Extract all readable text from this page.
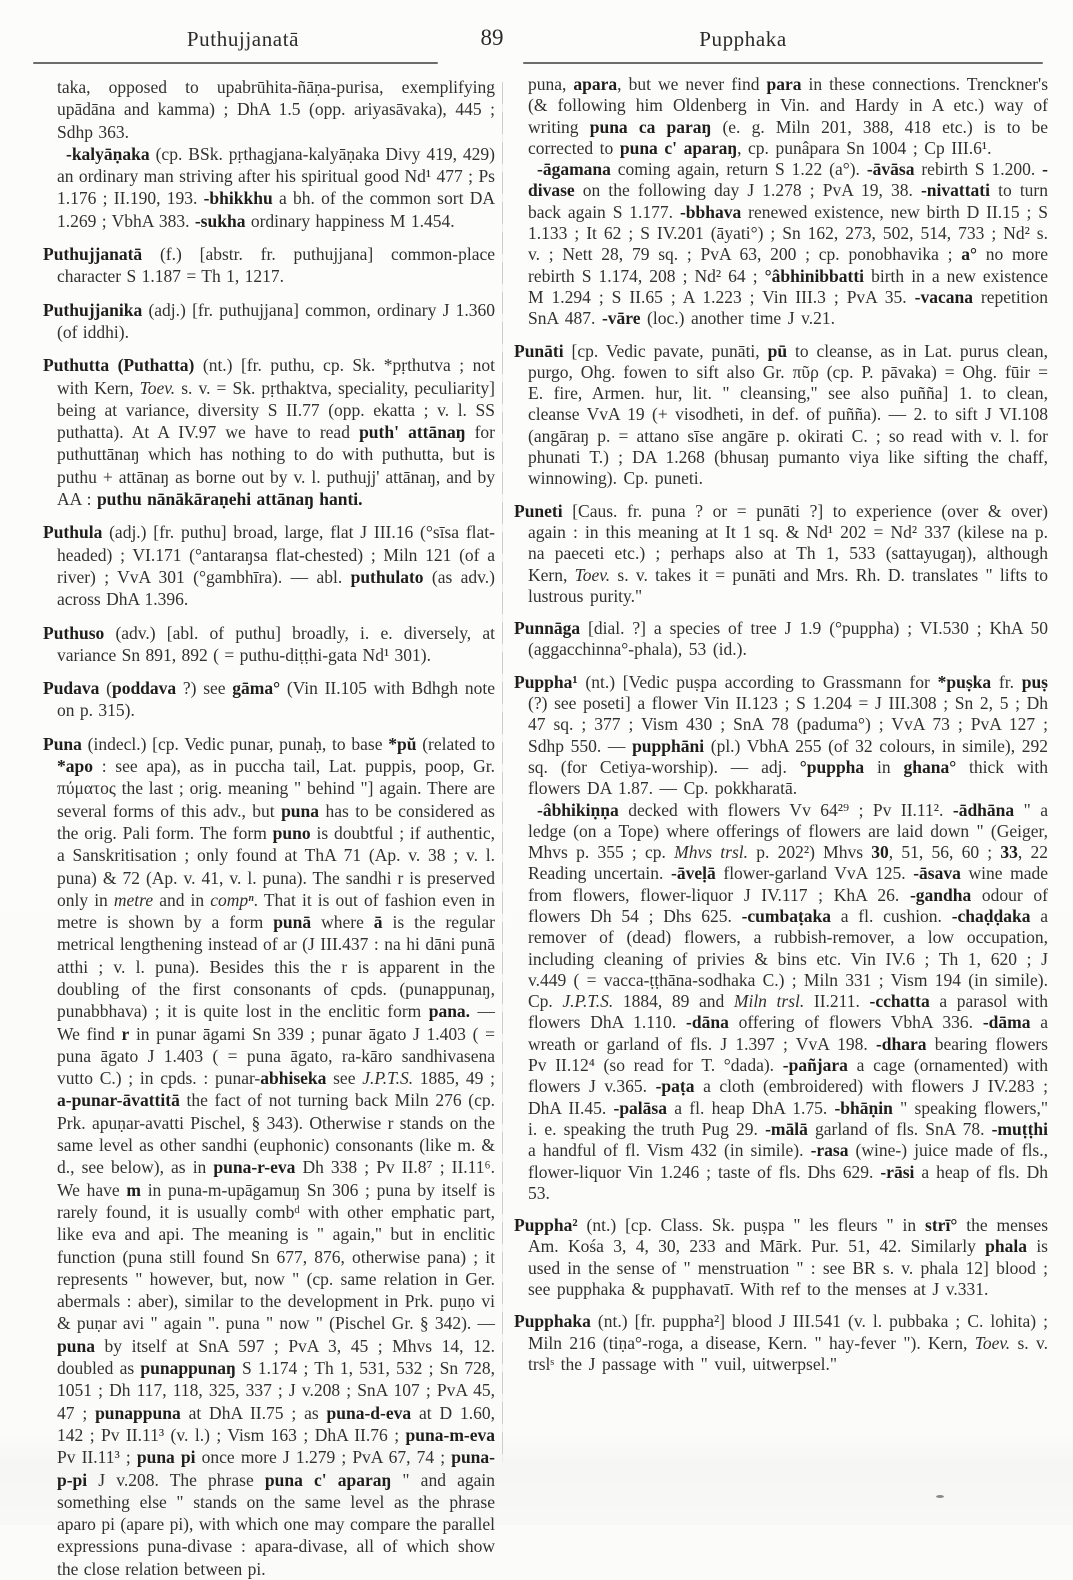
Puthujjanatā	89	Pupphaka

taka, opposed to upabrūhita-ñāṇa-purisa, exemplifying upādāna and kamma) ; DhA 1.5 (opp. ariyasāvaka), 445 ; Sdhp 363.

-kalyāṇaka (cp. BSk. pṛthagjana-kalyāṇaka Divy 419, 429) an ordinary man striving after his spiritual good Nd¹ 477 ; Ps 1.176 ; II.190, 193. -bhikkhu a bh. of the common sort DA 1.269 ; VbhA 383. -sukha ordinary happiness M 1.454.

Puthujjanatā (f.) [abstr. fr. puthujjana] common-place character S 1.187 = Th 1, 1217.

Puthujjanika (adj.) [fr. puthujjana] common, ordinary J 1.360 (of iddhi).

Puthutta (Puthatta) (nt.) [fr. puthu, cp. Sk. *pṛthutva ; not with Kern, Toev. s. v. = Sk. pṛthaktva, speciality, peculiarity] being at variance, diversity S II.77 (opp. ekatta ; v. l. SS puthatta). At A IV.97 we have to read puth' attānaŋ for puthuttānaŋ which has nothing to do with puthutta, but is puthu + attānaŋ as borne out by v. l. puthujj' attānaŋ, and by AA : puthu nānākāraṇehi attānaŋ hanti.

Puthula (adj.) [fr. puthu] broad, large, flat J III.16 (°sīsa flat-headed) ; VI.171 (°antaraŋsa flat-chested) ; Miln 121 (of a river) ; VvA 301 (°gambhīra). — abl. puthulato (as adv.) across DhA 1.396.

Puthuso (adv.) [abl. of puthu] broadly, i. e. diversely, at variance Sn 891, 892 ( = puthu-diṭṭhi-gata Nd¹ 301).

Pudava (poddava ?) see gāma° (Vin II.105 with Bdhgh note on p. 315).

Puna (indecl.) [cp. Vedic punar, punaḥ, to base *pŭ (related to *apo : see apa), as in puccha tail, Lat. puppis, poop, Gr. πύματος the last ; orig. meaning " behind "] again. There are several forms of this adv., but puna has to be considered as the orig. Pali form. The form puno is doubtful ; if authentic, a Sanskritisation ; only found at ThA 71 (Ap. v. 38 ; v. l. puna) & 72 (Ap. v. 41, v. l. puna). The sandhi r is preserved only in metre and in compⁿ. That it is out of fashion even in metre is shown by a form punā where ā is the regular metrical lengthening instead of ar (J III.437 : na hi dāni punā atthi ; v. l. puna). Besides this the r is apparent in the doubling of the first consonants of cpds. (punappunaŋ, punabbhava) ; it is quite lost in the enclitic form pana. — We find r in punar āgami Sn 339 ; punar āgato J 1.403 ( = puna āgato J 1.403 ( = puna āgato, ra-kāro sandhivasena vutto C.) ; in cpds. : punar-abhiseka see J.P.T.S. 1885, 49 ; a-punar-āvattitā the fact of not turning back Miln 276 (cp. Prk. apuṇar-avatti Pischel, § 343). Otherwise r stands on the same level as other sandhi (euphonic) consonants (like m. & d., see below), as in puna-r-eva Dh 338 ; Pv II.8⁷ ; II.11⁶. We have m in puna-m-upāgamuŋ Sn 306 ; puna by itself is rarely found, it is usually combᵈ with other emphatic part, like eva and api. The meaning is " again," but in enclitic function (puna still found Sn 677, 876, otherwise pana) ; it represents " however, but, now " (cp. same relation in Ger. abermals : aber), similar to the development in Prk. puṇo vi & puṇar avi " again ". puna " now " (Pischel Gr. § 342). — puna by itself at SnA 597 ; PvA 3, 45 ; Mhvs 14, 12. doubled as punappunaŋ S 1.174 ; Th 1, 531, 532 ; Sn 728, 1051 ; Dh 117, 118, 325, 337 ; J v.208 ; SnA 107 ; PvA 45, 47 ; punappuna at DhA II.75 ; as puna-d-eva at D 1.60, 142 ; Pv II.11³ (v. l.) ; Vism 163 ; DhA II.76 ; puna-m-eva Pv II.11³ ; puna pi once more J 1.279 ; PvA 67, 74 ; puna-p-pi J v.208. The phrase puna c' aparaŋ " and again something else " stands on the same level as the phrase aparo pi (apare pi), with which one may compare the parallel expressions puna-divase : apara-divase, all of which show the close relation between pi.

puna, apara, but we never find para in these connections. Trenckner's (& following him Oldenberg in Vin. and Hardy in A etc.) way of writing puna ca paraŋ (e. g. Miln 201, 388, 418 etc.) is to be corrected to puna c' aparaŋ, cp. punâpara Sn 1004 ; Cp III.6¹.

-āgamana coming again, return S 1.22 (a°). -āvāsa rebirth S 1.200. -divase on the following day J 1.278 ; PvA 19, 38. -nivattati to turn back again S 1.177. -bbhava renewed existence, new birth D II.15 ; S 1.133 ; It 62 ; S IV.201 (āyati°) ; Sn 162, 273, 502, 514, 733 ; Nd² s. v. ; Nett 28, 79 sq. ; PvA 63, 200 ; cp. ponobhavika ; a° no more rebirth S 1.174, 208 ; Nd² 64 ; °âbhinibbatti birth in a new existence M 1.294 ; S II.65 ; A 1.223 ; Vin III.3 ; PvA 35. -vacana repetition SnA 487. -vāre (loc.) another time J v.21.

Punāti [cp. Vedic pavate, punāti, pū to cleanse, as in Lat. purus clean, purgo, Ohg. fowen to sift also Gr. πῦρ (cp. P. pāvaka) = Ohg. fūir = E. fire, Armen. hur, lit. " cleansing," see also puñña] 1. to clean, cleanse VvA 19 (+ visodheti, in def. of puñña). — 2. to sift J VI.108 (angāraŋ p. = attano sīse angāre p. okirati C. ; so read with v. l. for phunati T.) ; DA 1.268 (bhusaŋ pumanto viya like sifting the chaff, winnowing). Cp. puneti.

Puneti [Caus. fr. puna ? or = punāti ?] to experience (over & over) again : in this meaning at It 1 sq. & Nd¹ 202 = Nd² 337 (kilese na p. na paeceti etc.) ; perhaps also at Th 1, 533 (sattayugaŋ), although Kern, Toev. s. v. takes it = punāti and Mrs. Rh. D. translates " lifts to lustrous purity."

Punnāga [dial. ?] a species of tree J 1.9 (°puppha) ; VI.530 ; KhA 50 (aggacchinna°-phala), 53 (id.).

Puppha¹ (nt.) [Vedic puṣpa according to Grassmann for *puṣka fr. puṣ (?) see poseti] a flower Vin II.123 ; S 1.204 = J III.308 ; Sn 2, 5 ; Dh 47 sq. ; 377 ; Vism 430 ; SnA 78 (paduma°) ; VvA 73 ; PvA 127 ; Sdhp 550. — pupphāni (pl.) VbhA 255 (of 32 colours, in simile), 292 sq. (for Cetiya-worship). — adj. °puppha in ghana° thick with flowers DA 1.87. — Cp. pokkharatā.

-âbhikiṇṇa decked with flowers Vv 64²⁹ ; Pv II.11². -ādhāna " a ledge (on a Tope) where offerings of flowers are laid down " (Geiger, Mhvs p. 355 ; cp. Mhvs trsl. p. 202²) Mhvs 30, 51, 56, 60 ; 33, 22 Reading uncertain. -āveḷā flower-garland VvA 125. -āsava wine made from flowers, flower-liquor J IV.117 ; KhA 26. -gandha odour of flowers Dh 54 ; Dhs 625. -cumbaṭaka a fl. cushion. -chaḍḍaka a remover of (dead) flowers, a rubbish-remover, a low occupation, including cleaning of privies & bins etc. Vin IV.6 ; Th 1, 620 ; J v.449 ( = vacca-ṭṭhāna-sodhaka C.) ; Miln 331 ; Vism 194 (in simile). Cp. J.P.T.S. 1884, 89 and Miln trsl. II.211. -cchatta a parasol with flowers DhA 1.110. -dāna offering of flowers VbhA 336. -dāma a wreath or garland of fls. J 1.397 ; VvA 198. -dhara bearing flowers Pv II.12⁴ (so read for T. °dada). -pañjara a cage (ornamented) with flowers J v.365. -paṭa a cloth (embroidered) with flowers J IV.283 ; DhA II.45. -palāsa a fl. heap DhA 1.75. -bhāṇin " speaking flowers," i. e. speaking the truth Pug 29. -mālā garland of fls. SnA 78. -muṭṭhi a handful of fl. Vism 432 (in simile). -rasa (wine-) juice made of fls., flower-liquor Vin 1.246 ; taste of fls. Dhs 629. -rāsi a heap of fls. Dh 53.

Puppha² (nt.) [cp. Class. Sk. puṣpa " les fleurs " in strī° the menses Am. Kośa 3, 4, 30, 233 and Mārk. Pur. 51, 42. Similarly phala is used in the sense of " menstruation " : see BR s. v. phala 12] blood ; see pupphaka & pupphavatī. With ref to the menses at J v.331.

Pupphaka (nt.) [fr. puppha²] blood J III.541 (v. l. pubbaka ; C. lohita) ; Miln 216 (tiṇa°-roga, a disease, Kern. " hay-fever "). Kern, Toev. s. v. trslˢ the J passage with " vuil, uitwerpsel."
